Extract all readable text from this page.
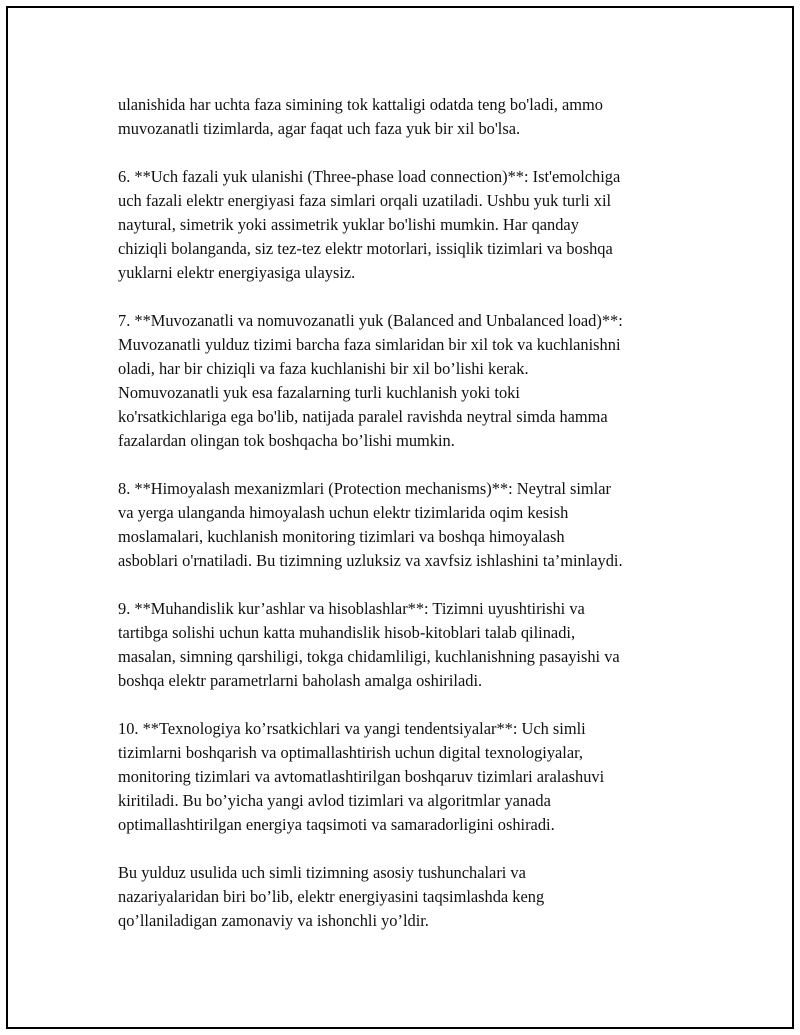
ulanishida har uchta faza simining tok kattaligi odatda teng bo'ladi, ammo
muvozanatli tizimlarda, agar faqat uch faza yuk bir xil bo'lsa.

6. **Uch fazali yuk ulanishi (Three-phase load connection)**: Ist'emolchiga
uch fazali elektr energiyasi faza simlari orqali uzatiladi. Ushbu yuk turli xil
naytural, simetrik yoki assimetrik yuklar bo'lishi mumkin. Har qanday
chiziqli bolanganda, siz tez-tez elektr motorlari, issiqlik tizimlari va boshqa
yuklarni elektr energiyasiga ulaysiz.

7. **Muvozanatli va nomuvozanatli yuk (Balanced and Unbalanced load)**:
Muvozanatli yulduz tizimi barcha faza simlaridan bir xil tok va kuchlanishni
oladi, har bir chiziqli va faza kuchlanishi bir xil bo’lishi kerak.
Nomuvozanatli yuk esa fazalarning turli kuchlanish yoki toki
ko'rsatkichlariga ega bo'lib, natijada paralel ravishda neytral simda hamma
fazalardan olingan tok boshqacha bo’lishi mumkin.

8. **Himoyalash mexanizmlari (Protection mechanisms)**: Neytral simlar
va yerga ulanganda himoyalash uchun elektr tizimlarida oqim kesish
moslamalari, kuchlanish monitoring tizimlari va boshqa himoyalash
asboblari o'rnatiladi. Bu tizimning uzluksiz va xavfsiz ishlashini ta’minlaydi.

9. **Muhandislik kur’ashlar va hisoblashlar**: Tizimni uyushtirishi va
tartibga solishi uchun katta muhandislik hisob-kitoblari talab qilinadi,
masalan, simning qarshiligi, tokga chidamliligi, kuchlanishning pasayishi va
boshqa elektr parametrlarni baholash amalga oshiriladi.

10. **Texnologiya ko’rsatkichlari va yangi tendentsiyalar**: Uch simli
tizimlarni boshqarish va optimallashtirish uchun digital texnologiyalar,
monitoring tizimlari va avtomatlashtirilgan boshqaruv tizimlari aralashuvi
kiritiladi. Bu bo’yicha yangi avlod tizimlari va algoritmlar yanada
optimallashtirilgan energiya taqsimoti va samaradorligini oshiradi.

Bu yulduz usulida uch simli tizimning asosiy tushunchalari va
nazariyalaridan biri bo’lib, elektr energiyasini taqsimlashda keng
qo’llaniladigan zamonaviy va ishonchli yo’ldir.
